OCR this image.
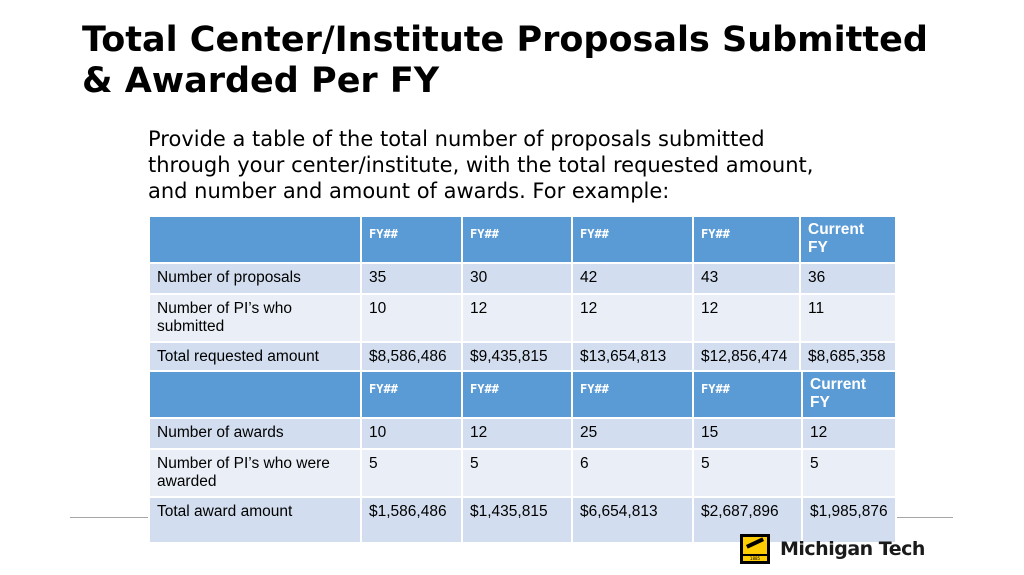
Total Center/Institute Proposals Submitted
& Awarded Per FY
Provide a table of the total number of proposals submitted
through your center/institute, with the total requested amount,
and number and amount of awards. For example:
	FY##	FY##	FY##	FY##	Current FY
Number of proposals	35	30	42	43	36
Number of PI’s who submitted	10	12	12	12	11
Total requested amount	$8,586,486	$9,435,815	$13,654,813	$12,856,474	$8,685,358
	FY##	FY##	FY##	FY##	Current FY
Number of awards	10	12	25	15	12
Number of PI’s who were awarded	5	5	6	5	5
Total award amount	$1,586,486	$1,435,815	$6,654,813	$2,687,896	$1,985,876
1885	Michigan Tech
